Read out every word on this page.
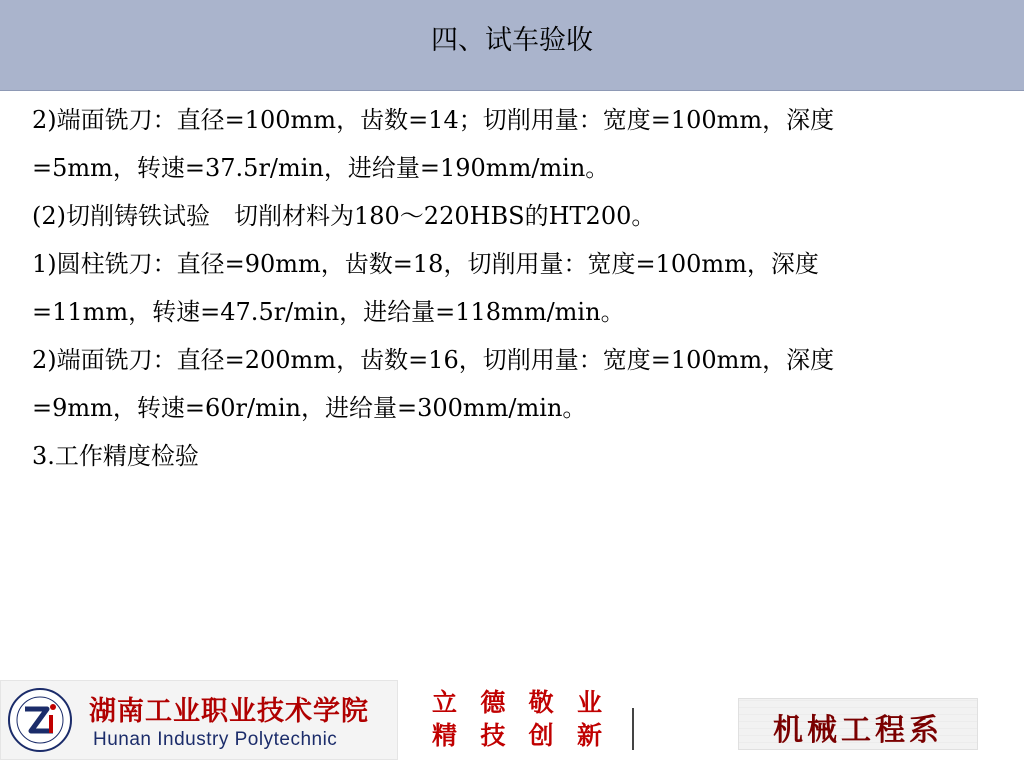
四、试车验收
2)端面铣刀：直径=100mm，齿数=14；切削用量：宽度=100mm，深度
=5mm，转速=37.5r/min，进给量=190mm/min。
(2)切削铸铁试验　切削材料为180～220HBS的HT200。
1)圆柱铣刀：直径=90mm，齿数=18，切削用量：宽度=100mm，深度
=11mm，转速=47.5r/min，进给量=118mm/min。
2)端面铣刀：直径=200mm，齿数=16，切削用量：宽度=100mm，深度
=9mm，转速=60r/min，进给量=300mm/min。
3.工作精度检验
湖南工业职业技术学院
Hunan Industry Polytechnic
立 德 敬 业
精 技 创 新	机械工程系
